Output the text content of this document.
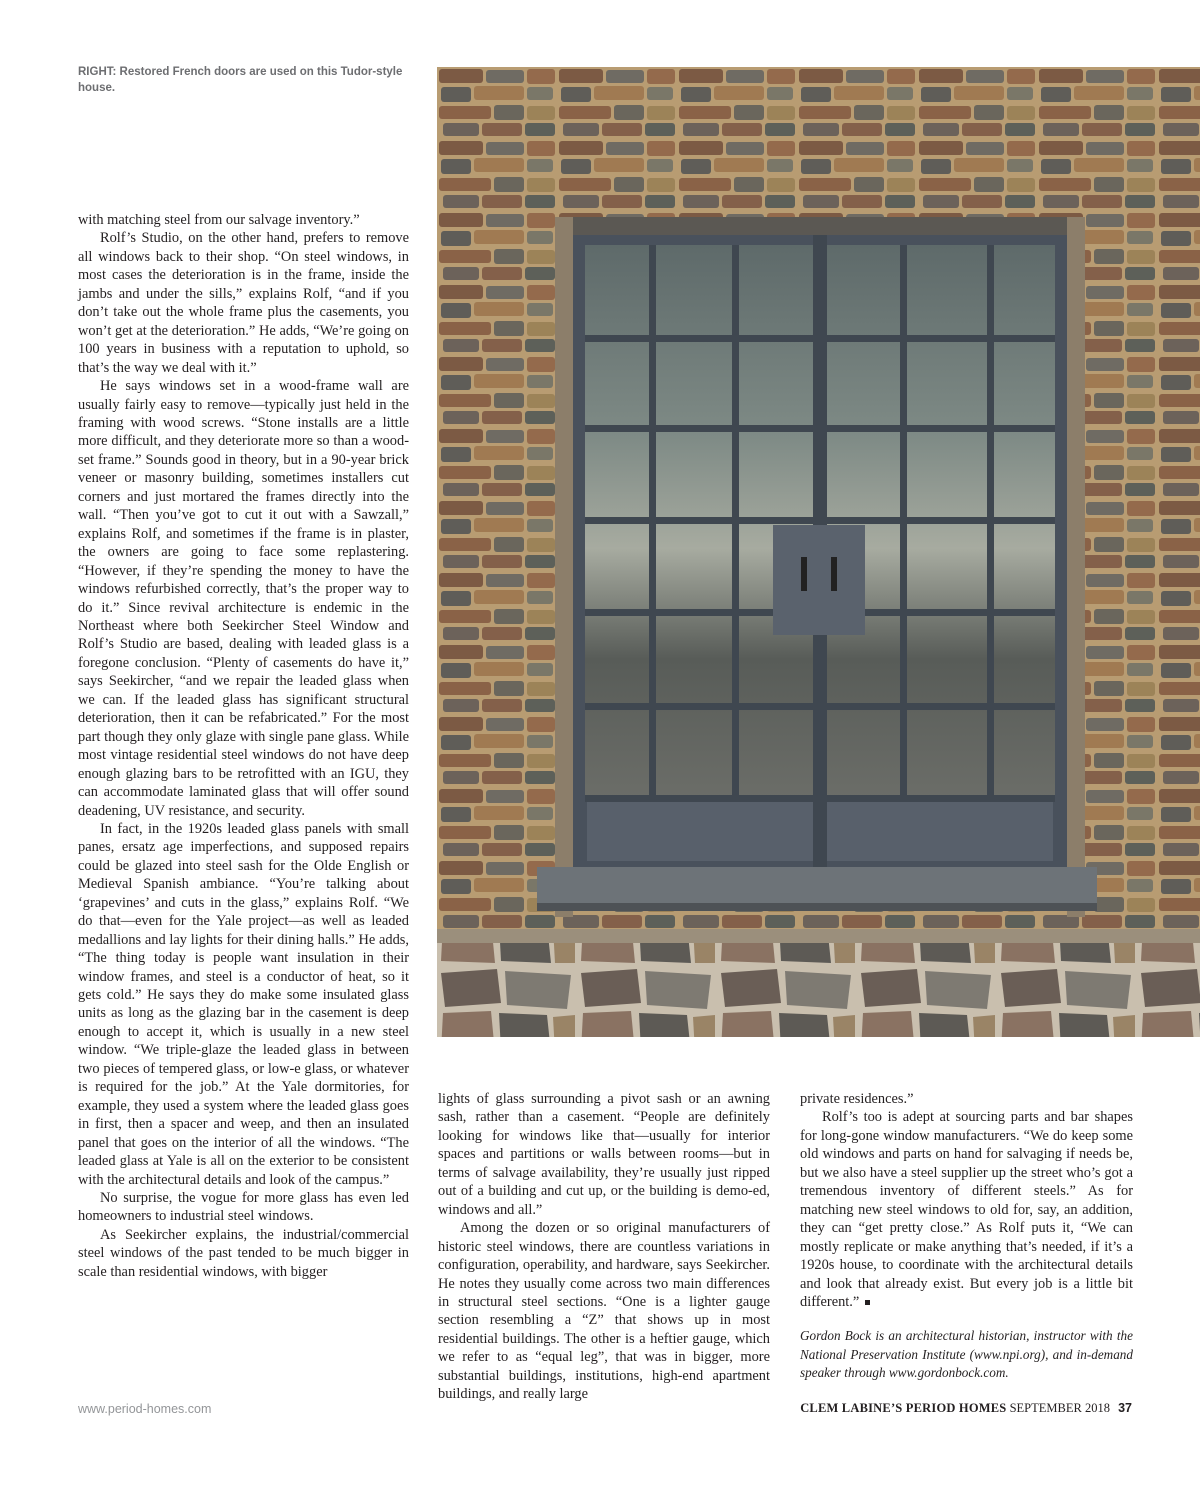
RIGHT: Restored French doors are used on this Tudor-style house.

with matching steel from our salvage inventory.”

Rolf’s Studio, on the other hand, prefers to remove all windows back to their shop. “On steel windows, in most cases the deterioration is in the frame, inside the jambs and under the sills,” explains Rolf, “and if you don’t take out the whole frame plus the casements, you won’t get at the deterioration.” He adds, “We’re going on 100 years in business with a reputation to uphold, so that’s the way we deal with it.”

He says windows set in a wood-frame wall are usually fairly easy to remove—typically just held in the framing with wood screws. “Stone installs are a little more difficult, and they deteriorate more so than a wood-set frame.” Sounds good in theory, but in a 90-year brick veneer or masonry building, sometimes installers cut corners and just mortared the frames directly into the wall. “Then you’ve got to cut it out with a Sawzall,” explains Rolf, and sometimes if the frame is in plaster, the owners are going to face some replastering. “However, if they’re spending the money to have the windows refurbished correctly, that’s the proper way to do it.” Since revival architecture is endemic in the Northeast where both Seekircher Steel Window and Rolf’s Studio are based, dealing with leaded glass is a foregone conclusion. “Plenty of casements do have it,” says Seekircher, “and we repair the leaded glass when we can. If the leaded glass has significant structural deterioration, then it can be refabricated.” For the most part though they only glaze with single pane glass. While most vintage residential steel windows do not have deep enough glazing bars to be retrofitted with an IGU, they can accommodate laminated glass that will offer sound deadening, UV resistance, and security.

In fact, in the 1920s leaded glass panels with small panes, ersatz age imperfections, and supposed repairs could be glazed into steel sash for the Olde English or Medieval Spanish ambiance. “You’re talking about ‘grapevines’ and cuts in the glass,” explains Rolf. “We do that—even for the Yale project—as well as leaded medallions and lay lights for their dining halls.” He adds, “The thing today is people want insulation in their window frames, and steel is a conductor of heat, so it gets cold.” He says they do make some insulated glass units as long as the glazing bar in the casement is deep enough to accept it, which is usually in a new steel window. “We triple-glaze the leaded glass in between two pieces of tempered glass, or low-e glass, or whatever is required for the job.” At the Yale dormitories, for example, they used a system where the leaded glass goes in first, then a spacer and weep, and then an insulated panel that goes on the interior of all the windows. “The leaded glass at Yale is all on the exterior to be consistent with the architectural details and look of the campus.”

No surprise, the vogue for more glass has even led homeowners to industrial steel windows.

As Seekircher explains, the industrial/commercial steel windows of the past tended to be much bigger in scale than residential windows, with bigger

lights of glass surrounding a pivot sash or an awning sash, rather than a casement. “People are definitely looking for windows like that—usually for interior spaces and partitions or walls between rooms—but in terms of salvage availability, they’re usually just ripped out of a building and cut up, or the building is demo-ed, windows and all.”

Among the dozen or so original manufacturers of historic steel windows, there are countless variations in configuration, operability, and hardware, says Seekircher. He notes they usually come across two main differences in structural steel sections. “One is a lighter gauge section resembling a “Z” that shows up in most residential buildings. The other is a heftier gauge, which we refer to as “equal leg”, that was in bigger, more substantial buildings, institutions, high-end apartment buildings, and really large

private residences.”

Rolf’s too is adept at sourcing parts and bar shapes for long-gone window manufacturers. “We do keep some old windows and parts on hand for salvaging if needs be, but we also have a steel supplier up the street who’s got a tremendous inventory of different steels.” As for matching new steel windows to old for, say, an addition, they can “get pretty close.” As Rolf puts it, “We can mostly replicate or make anything that’s needed, if it’s a 1920s house, to coordinate with the architectural details and look that already exist. But every job is a little bit different.”

Gordon Bock is an architectural historian, instructor with the National Preservation Institute (www.npi.org), and in-demand speaker through www.gordonbock.com.

www.period-homes.com	CLEM LABINE’S PERIOD HOMES SEPTEMBER 2018 37
